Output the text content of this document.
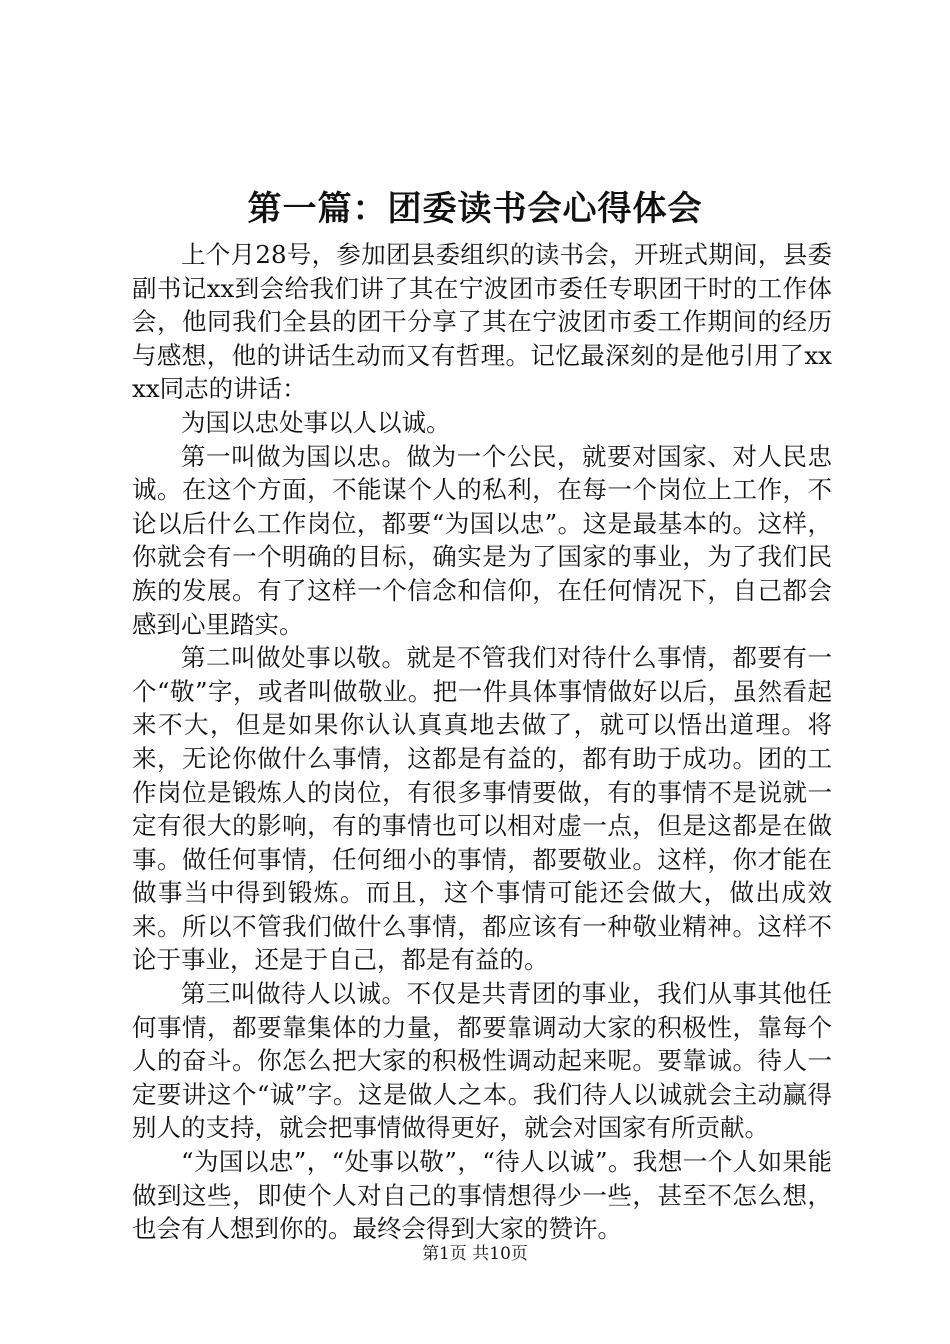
第一篇：团委读书会心得体会

上个月28号，参加团县委组织的读书会，开班式期间，县委副书记xx到会给我们讲了其在宁波团市委任专职团干时的工作体会，他同我们全县的团干分享了其在宁波团市委工作期间的经历与感想，他的讲话生动而又有哲理。记忆最深刻的是他引用了xxxx同志的讲话：

为国以忠处事以人以诚。

第一叫做为国以忠。做为一个公民，就要对国家、对人民忠诚。在这个方面，不能谋个人的私利，在每一个岗位上工作，不论以后什么工作岗位，都要“为国以忠”。这是最基本的。这样，你就会有一个明确的目标，确实是为了国家的事业，为了我们民族的发展。有了这样一个信念和信仰，在任何情况下，自己都会感到心里踏实。

第二叫做处事以敬。就是不管我们对待什么事情，都要有一个“敬”字，或者叫做敬业。把一件具体事情做好以后，虽然看起来不大，但是如果你认认真真地去做了，就可以悟出道理。将来，无论你做什么事情，这都是有益的，都有助于成功。团的工作岗位是锻炼人的岗位，有很多事情要做，有的事情不是说就一定有很大的影响，有的事情也可以相对虚一点，但是这都是在做事。做任何事情，任何细小的事情，都要敬业。这样，你才能在做事当中得到锻炼。而且，这个事情可能还会做大，做出成效来。所以不管我们做什么事情，都应该有一种敬业精神。这样不论于事业，还是于自己，都是有益的。

第三叫做待人以诚。不仅是共青团的事业，我们从事其他任何事情，都要靠集体的力量，都要靠调动大家的积极性，靠每个人的奋斗。你怎么把大家的积极性调动起来呢。要靠诚。待人一定要讲这个“诚”字。这是做人之本。我们待人以诚就会主动赢得别人的支持，就会把事情做得更好，就会对国家有所贡献。

“为国以忠”，“处事以敬”，“待人以诚”。我想一个人如果能做到这些，即使个人对自己的事情想得少一些，甚至不怎么想，也会有人想到你的。最终会得到大家的赞许。

第1页 共10页
